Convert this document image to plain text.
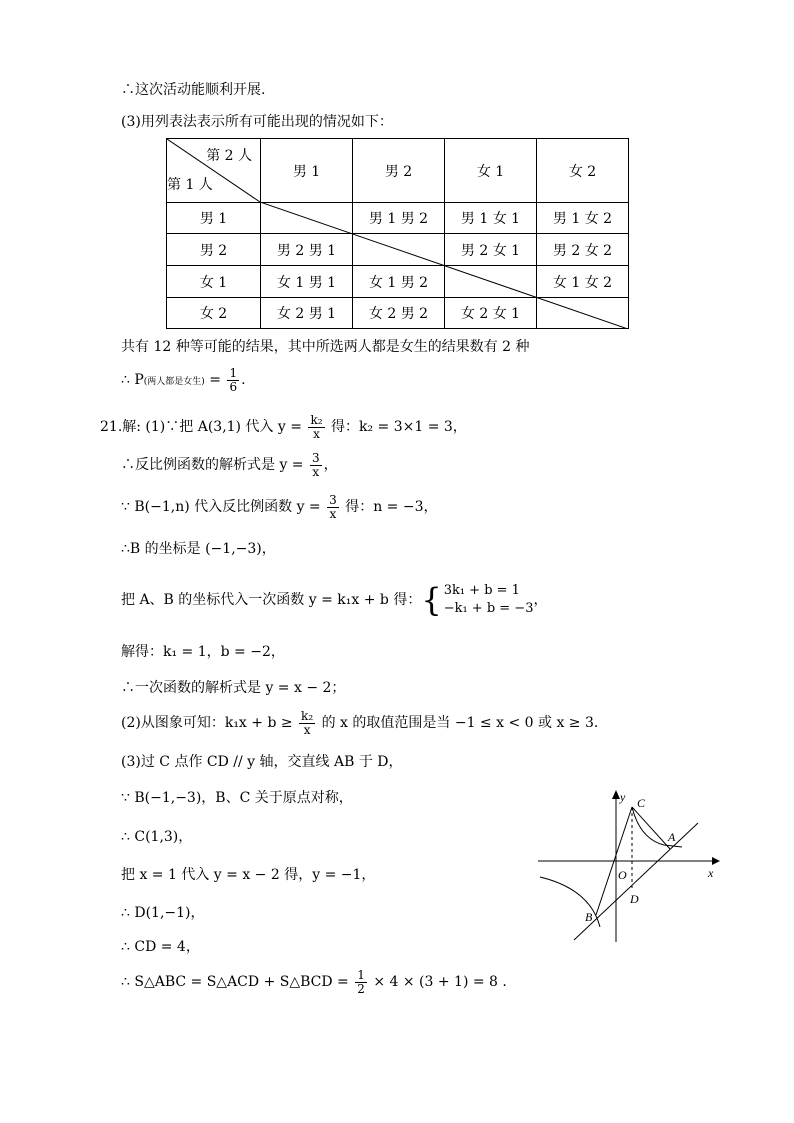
∴这次活动能顺利开展.
(3)用列表法表示所有可能出现的情况如下：
第 2 人
第 1 人	男 1	男 2	女 1	女 2
男 1		男 1 男 2	男 1 女 1	男 1 女 2
男 2	男 2 男 1		男 2 女 1	男 2 女 2
女 1	女 1 男 1	女 1 男 2		女 1 女 2
女 2	女 2 男 1	女 2 男 2	女 2 女 1	
共有 12 种等可能的结果，其中所选两人都是女生的结果数有 2 种
∴ P(两人都是女生) = $\frac{1}{6}$ .
21.解: (1)∵把 A(3,1) 代入 $y = \frac{\text{k₂}}{x}$ 得：k₂ = 3×1 = 3，
∴反比例函数的解析式是 $y = \frac{3}{x}$ ，
∵ B(−1,n) 代入反比例函数 $y = \frac{3}{x}$ 得：n = −3，
∴B 的坐标是 (−1,−3)，
把 A、B 的坐标代入一次函数 y = k₁x + b 得：{ 3k₁ + b = 1
−k₁ + b = −3
，
解得：k₁ = 1，b = −2，
∴一次函数的解析式是 y = x − 2；
(2)从图象可知：$k_1x + b \ge \frac{\text{k₂}}{x}$ 的 x 的取值范围是当 −1 ≤ x < 0 或 x ≥ 3.
(3)过 C 点作 CD // y 轴，交直线 AB 于 D，
∵ B(−1,−3)，B、C 关于原点对称，
∴ C(1,3)，
把 x = 1 代入 y = x − 2 得，y = −1，
∴ D(1,−1)，
∴ CD = 4，
∴ S△ABC = S△ACD + S△BCD = $\frac{1}{2} \times 4 \times (3 + 1) = 8$ .
y
x
O
A
B
C
D
